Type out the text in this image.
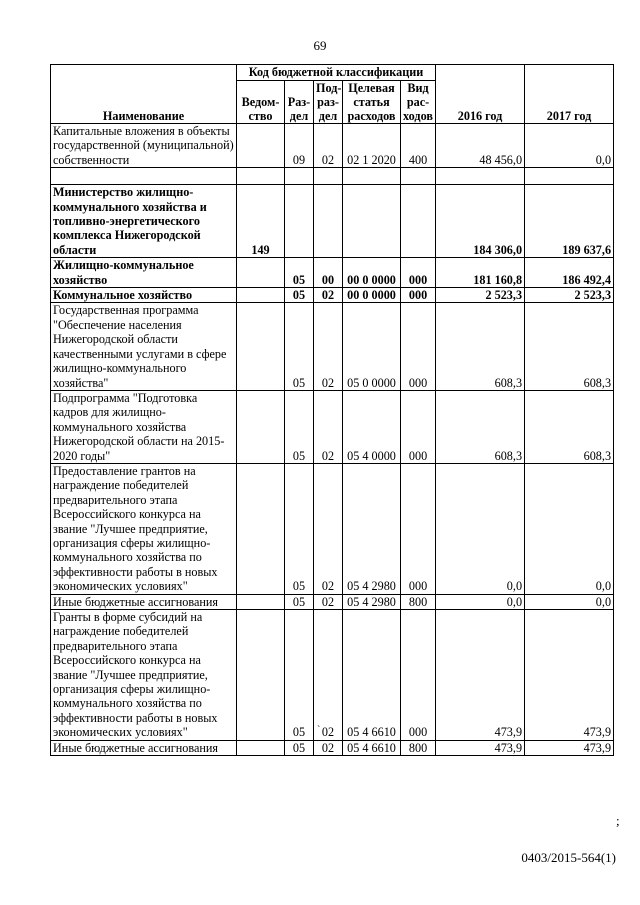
69
Наименование	Код бюджетной классификации					2016 год	2017 год
	Ведом-ство	Раз-дел	Под-раз-дел	Целевая статья расходов	Вид рас-ходов		
Капитальные вложения в объекты государственной (муниципальной) собственности		09	02	02 1 2020	400	48 456,0	0,0

Министерство жилищно-коммунального хозяйства и топливно-энергетического комплекса Нижегородской области	149					184 306,0	189 637,6
Жилищно-коммунальное хозяйство		05	00	00 0 0000	000	181 160,8	186 492,4
Коммунальное хозяйство		05	02	00 0 0000	000	2 523,3	2 523,3
Государственная программа "Обеспечение населения Нижегородской области качественными услугами в сфере жилищно-коммунального хозяйства"		05	02	05 0 0000	000	608,3	608,3
Подпрограмма "Подготовка кадров для жилищно-коммунального хозяйства Нижегородской области на 2015-2020 годы"		05	02	05 4 0000	000	608,3	608,3
Предоставление грантов на награждение победителей предварительного этапа Всероссийского конкурса на звание "Лучшее предприятие, организация сферы жилищно-коммунального хозяйства по эффективности работы в новых экономических условиях"		05	02	05 4 2980	000	0,0	0,0
Иные бюджетные ассигнования		05	02	05 4 2980	800	0,0	0,0
Гранты в форме субсидий на награждение победителей предварительного этапа Всероссийского конкурса на звание "Лучшее предприятие, организация сферы жилищно-коммунального хозяйства по эффективности работы в новых экономических условиях"		05	02	05 4 6610	000	473,9	473,9
Иные бюджетные ассигнования		05	02	05 4 6610	800	473,9	473,9
ˋ
;
0403/2015-564(1)
